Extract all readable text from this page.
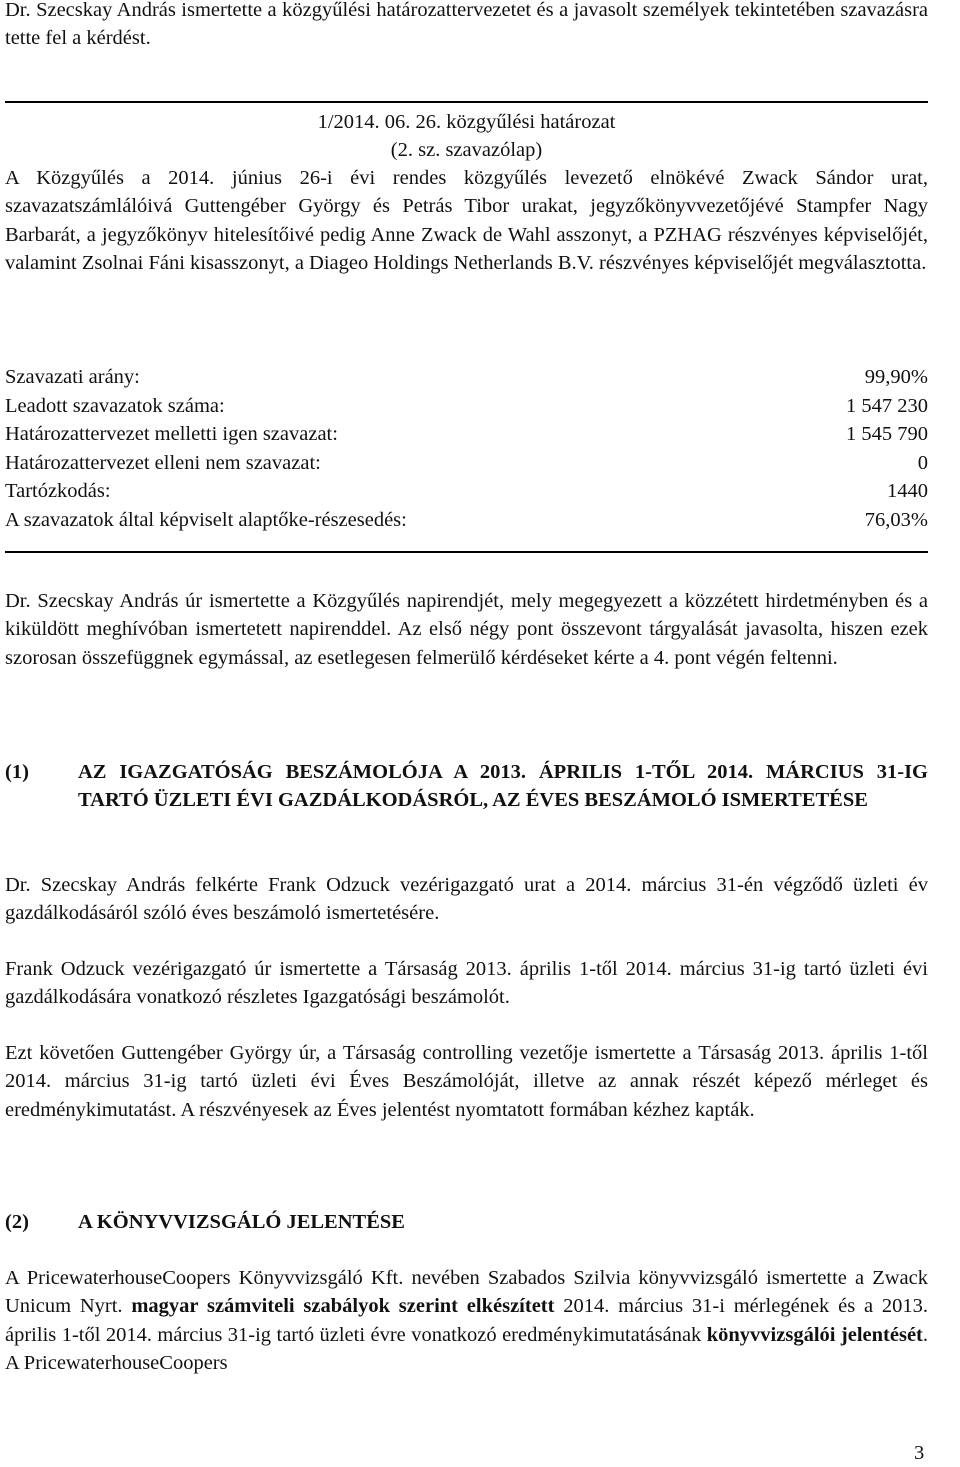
Dr. Szecskay András ismertette a közgyűlési határozattervezetet és a javasolt személyek tekintetében szavazásra tette fel a kérdést.

1/2014. 06. 26. közgyűlési határozat

(2. sz. szavazólap)

A Közgyűlés a 2014. június 26-i évi rendes közgyűlés levezető elnökévé Zwack Sándor urat, szavazatszámlálóivá Guttengéber György és Petrás Tibor urakat, jegyzőkönyvvezetőjévé Stampfer Nagy Barbarát, a jegyzőkönyv hitelesítőivé pedig Anne Zwack de Wahl asszonyt, a PZHAG részvényes képviselőjét, valamint Zsolnai Fáni kisasszonyt, a Diageo Holdings Netherlands B.V. részvényes képviselőjét megválasztotta.

Szavazati arány:	99,90%
Leadott szavazatok száma:	1 547 230
Határozattervezet melletti igen szavazat:	1 545 790
Határozattervezet elleni nem szavazat:	0
Tartózkodás:	1440
A szavazatok által képviselt alaptőke-részesedés:	76,03%

Dr. Szecskay András úr ismertette a Közgyűlés napirendjét, mely megegyezett a közzétett hirdetményben és a kiküldött meghívóban ismertetett napirenddel. Az első négy pont összevont tárgyalását javasolta, hiszen ezek szorosan összefüggnek egymással, az esetlegesen felmerülő kérdéseket kérte a 4. pont végén feltenni.

(1)	AZ IGAZGATÓSÁG BESZÁMOLÓJA A 2013. ÁPRILIS 1-TŐL 2014. MÁRCIUS 31-IG TARTÓ ÜZLETI ÉVI GAZDÁLKODÁSRÓL, AZ ÉVES BESZÁMOLÓ ISMERTETÉSE

Dr. Szecskay András felkérte Frank Odzuck vezérigazgató urat a 2014. március 31-én végződő üzleti év gazdálkodásáról szóló éves beszámoló ismertetésére.

Frank Odzuck vezérigazgató úr ismertette a Társaság 2013. április 1-től 2014. március 31-ig tartó üzleti évi gazdálkodására vonatkozó részletes Igazgatósági beszámolót.

Ezt követően Guttengéber György úr, a Társaság controlling vezetője ismertette a Társaság 2013. április 1-től 2014. március 31-ig tartó üzleti évi Éves Beszámolóját, illetve az annak részét képező mérleget és eredménykimutatást. A részvényesek az Éves jelentést nyomtatott formában kézhez kapták.

(2)	A KÖNYVVIZSGÁLÓ JELENTÉSE

A PricewaterhouseCoopers Könyvvizsgáló Kft. nevében Szabados Szilvia könyvvizsgáló ismertette a Zwack Unicum Nyrt. magyar számviteli szabályok szerint elkészített 2014. március 31-i mérlegének és a 2013. április 1-től 2014. március 31-ig tartó üzleti évre vonatkozó eredménykimutatásának könyvvizsgálói jelentését. A PricewaterhouseCoopers

3
